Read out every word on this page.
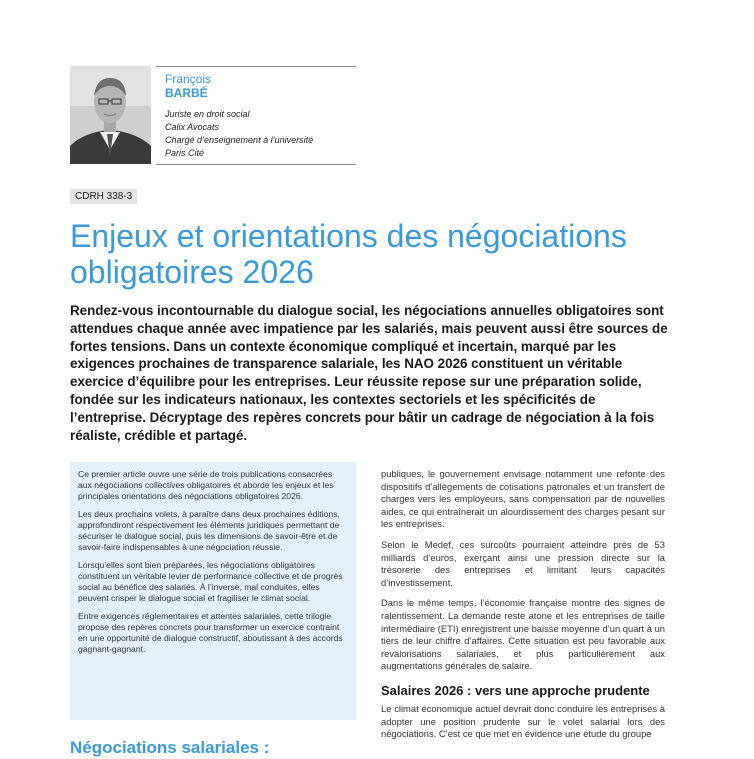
François
BARBÉ
Juriste en droit social
Calix Avocats
Chargé d’enseignement à l’université
Paris Cité
CDRH 338-3
Enjeux et orientations des négociations obligatoires 2026

Rendez-vous incontournable du dialogue social, les négociations annuelles obligatoires sont attendues chaque année avec impatience par les salariés, mais peuvent aussi être sources de fortes tensions. Dans un contexte économique compliqué et incertain, marqué par les exigences prochaines de transparence salariale, les NAO 2026 constituent un véritable exercice d’équilibre pour les entreprises. Leur réussite repose sur une préparation solide, fondée sur les indicateurs nationaux, les contextes sectoriels et les spécificités de l’entreprise. Décryptage des repères concrets pour bâtir un cadrage de négociation à la fois réaliste, crédible et partagé.

Ce premier article ouvre une série de trois publications consacrées aux négociations collectives obligatoires et aborde les enjeux et les principales orientations des négociations obligatoires 2026.

Les deux prochains volets, à paraître dans deux prochaines éditions, approfondiront respectivement les éléments juridiques permettant de sécuriser le dialogue social, puis les dimensions de savoir-être et de savoir-faire indispensables à une négociation réussie.

Lorsqu’elles sont bien préparées, les négociations obligatoires constituent un véritable levier de performance collective et de progrès social au bénéfice des salariés. À l’inverse, mal conduites, elles peuvent crisper le dialogue social et fragiliser le climat social.

Entre exigences réglementaires et attentes salariales, cette trilogie propose des repères concrets pour transformer un exercice contraint en une opportunité de dialogue constructif, aboutissant à des accords gagnant-gagnant.

Négociations salariales :

publiques, le gouvernement envisage notamment une refonte des dispositifs d’allègements de cotisations patronales et un transfert de charges vers les employeurs, sans compensation par de nouvelles aides, ce qui entraînerait un alourdissement des charges pesant sur les entreprises.

Selon le Medef, ces surcoûts pourraient atteindre près de 53 milliards d’euros, exerçant ainsi une pression directe sur la trésorerie des entreprises et limitant leurs capacités d’investissement.

Dans le même temps, l’économie française montre des signes de ralentissement. La demande reste atone et les entreprises de taille intermédiaire (ETI) enregistrent une baisse moyenne d’un quart à un tiers de leur chiffre d’affaires. Cette situation est peu favorable aux revalorisations salariales, et plus particulièrement aux augmentations générales de salaire.

Salaires 2026 : vers une approche prudente

Le climat économique actuel devrait donc conduire les entreprises à adopter une position prudente sur le volet salarial lors des négociations. C’est ce que met en évidence une étude du groupe
